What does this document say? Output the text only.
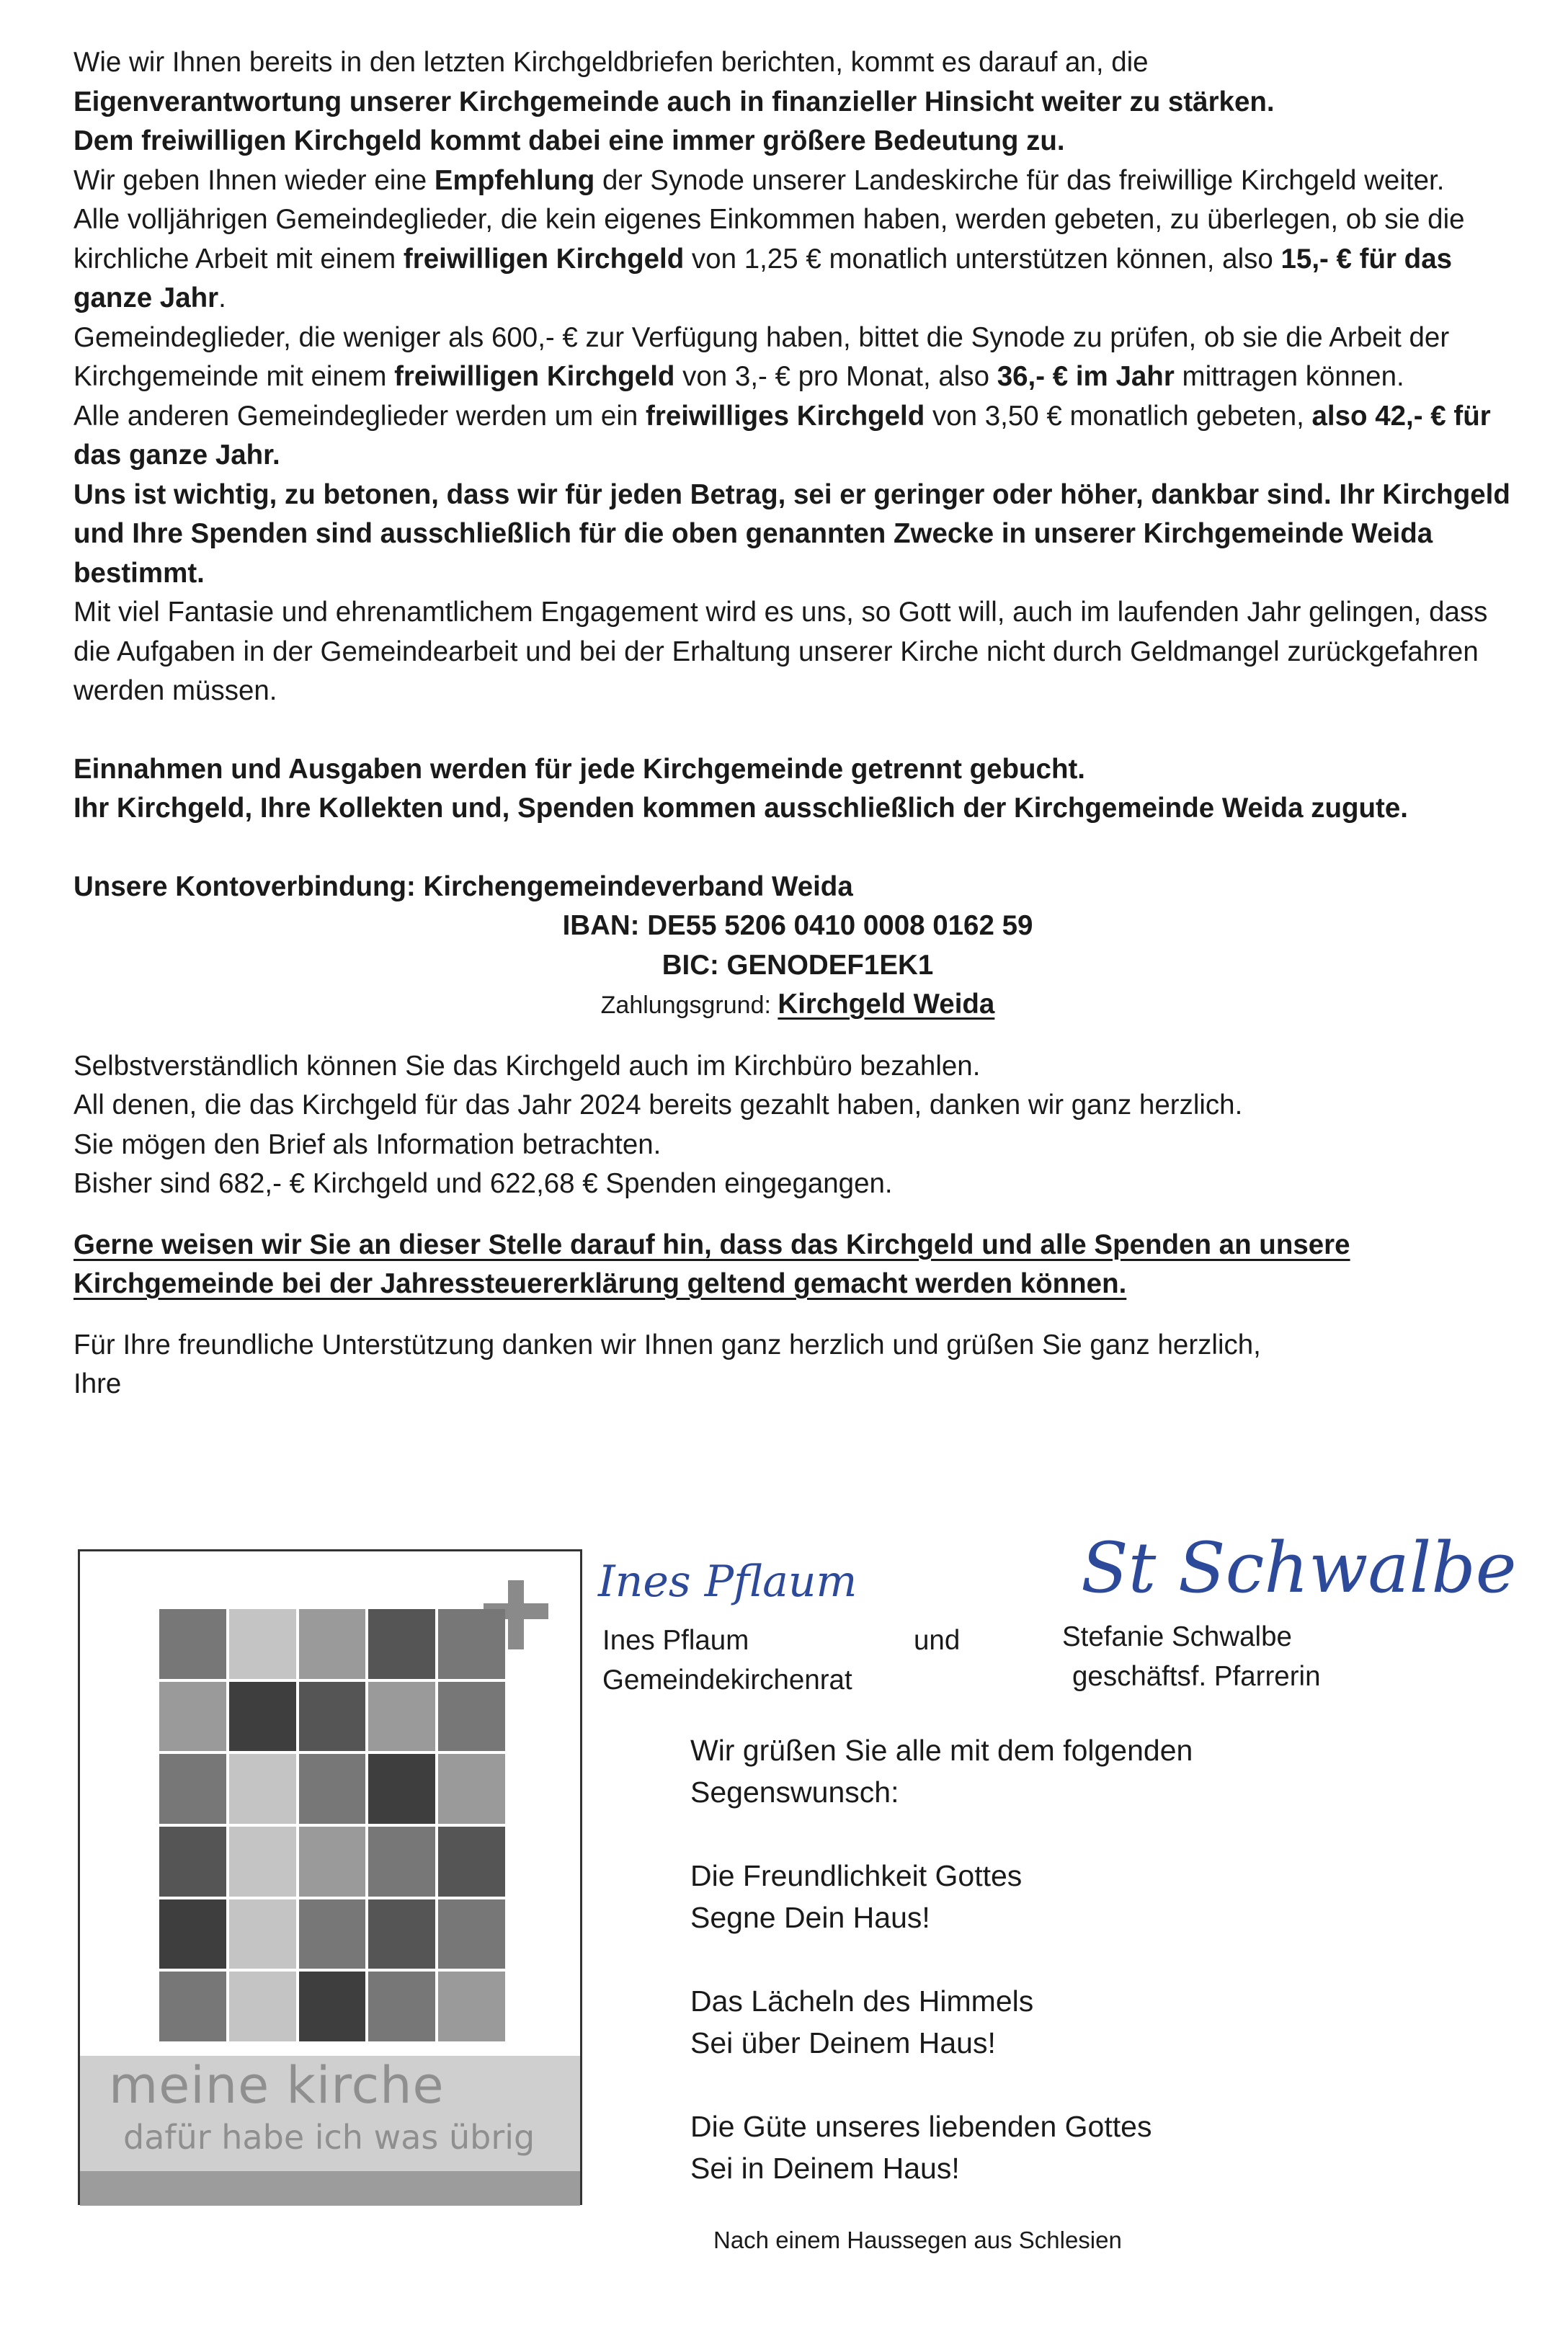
Wie wir Ihnen bereits in den letzten Kirchgeldbriefen berichten, kommt es darauf an, die
Eigenverantwortung unserer Kirchgemeinde auch in finanzieller Hinsicht weiter zu stärken.
Dem freiwilligen Kirchgeld kommt dabei eine immer größere Bedeutung zu.

Wir geben Ihnen wieder eine Empfehlung der Synode unserer Landeskirche für das freiwillige Kirchgeld weiter.

Alle volljährigen Gemeindeglieder, die kein eigenes Einkommen haben, werden gebeten, zu überlegen, ob sie die kirchliche Arbeit mit einem freiwilligen Kirchgeld von 1,25 € monatlich unterstützen können, also 15,- € für das ganze Jahr.

Gemeindeglieder, die weniger als 600,- € zur Verfügung haben, bittet die Synode zu prüfen, ob sie die Arbeit der Kirchgemeinde mit einem freiwilligen Kirchgeld von 3,- € pro Monat, also 36,- € im Jahr mittragen können.

Alle anderen Gemeindeglieder werden um ein freiwilliges Kirchgeld von 3,50 € monatlich gebeten, also 42,- € für das ganze Jahr.

Uns ist wichtig, zu betonen, dass wir für jeden Betrag, sei er geringer oder höher, dankbar sind. Ihr Kirchgeld und Ihre Spenden sind ausschließlich für die oben genannten Zwecke in unserer Kirchgemeinde Weida bestimmt.

Mit viel Fantasie und ehrenamtlichem Engagement wird es uns, so Gott will, auch im laufenden Jahr gelingen, dass die Aufgaben in der Gemeindearbeit und bei der Erhaltung unserer Kirche nicht durch Geldmangel zurückgefahren werden müssen.

Einnahmen und Ausgaben werden für jede Kirchgemeinde getrennt gebucht.
Ihr Kirchgeld, Ihre Kollekten und, Spenden kommen ausschließlich der Kirchgemeinde Weida zugute.

Unsere Kontoverbindung: Kirchengemeindeverband Weida
IBAN: DE55 5206 0410 0008 0162 59
BIC: GENODEF1EK1
Zahlungsgrund: Kirchgeld Weida

Selbstverständlich können Sie das Kirchgeld auch im Kirchbüro bezahlen.
All denen, die das Kirchgeld für das Jahr 2024 bereits gezahlt haben, danken wir ganz herzlich.
Sie mögen den Brief als Information betrachten.
Bisher sind 682,- € Kirchgeld und 622,68 € Spenden eingegangen.

Gerne weisen wir Sie an dieser Stelle darauf hin, dass das Kirchgeld und alle Spenden an unsere Kirchgemeinde bei der Jahressteuererklärung geltend gemacht werden können.

Für Ihre freundliche Unterstützung danken wir Ihnen ganz herzlich und grüßen Sie ganz herzlich,
Ihre

meine kirche
dafür habe ich was übrig
Ines Pflaum	St Schwalbe
Ines Pflaum
Gemeindekirchenrat
und	Stefanie Schwalbe
geschäftsf. Pfarrerin

Wir grüßen Sie alle mit dem folgenden
Segenswunsch:

Die Freundlichkeit Gottes
Segne Dein Haus!

Das Lächeln des Himmels
Sei über Deinem Haus!

Die Güte unseres liebenden Gottes
Sei in Deinem Haus!

Nach einem Haussegen aus Schlesien
